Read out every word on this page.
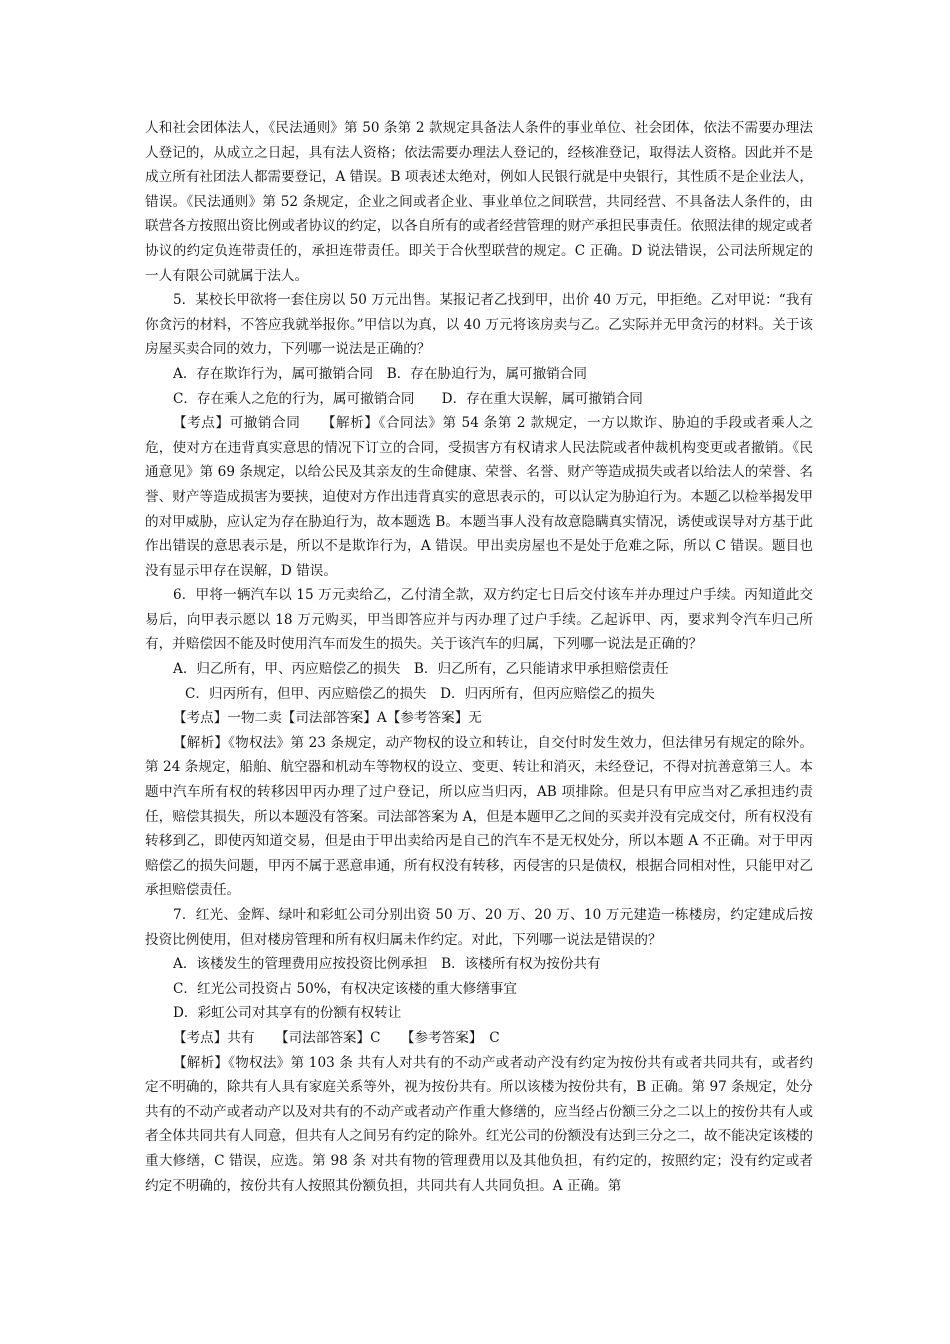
人和社会团体法人，《民法通则》第 50 条第 2 款规定具备法人条件的事业单位、社会团体，依法不需要办理法人登记的，从成立之日起，具有法人资格；依法需要办理法人登记的，经核准登记，取得法人资格。因此并不是成立所有社团法人都需要登记，A 错误。B 项表述太绝对，例如人民银行就是中央银行，其性质不是企业法人，错误。《民法通则》第 52 条规定，企业之间或者企业、事业单位之间联营，共同经营、不具备法人条件的，由联营各方按照出资比例或者协议的约定，以各自所有的或者经营管理的财产承担民事责任。依照法律的规定或者协议的约定负连带责任的，承担连带责任。即关于合伙型联营的规定。C 正确。D 说法错误，公司法所规定的一人有限公司就属于法人。

5．某校长甲欲将一套住房以 50 万元出售。某报记者乙找到甲，出价 40 万元，甲拒绝。乙对甲说：“我有你贪污的材料，不答应我就举报你。”甲信以为真，以 40 万元将该房卖与乙。乙实际并无甲贪污的材料。关于该房屋买卖合同的效力，下列哪一说法是正确的？

A．存在欺诈行为，属可撤销合同　B．存在胁迫行为，属可撤销合同

C．存在乘人之危的行为，属可撤销合同　　D．存在重大误解，属可撤销合同

【考点】可撤销合同　　【解析】《合同法》第 54 条第 2 款规定，一方以欺诈、胁迫的手段或者乘人之危，使对方在违背真实意思的情况下订立的合同，受损害方有权请求人民法院或者仲裁机构变更或者撤销。《民通意见》第 69 条规定，以给公民及其亲友的生命健康、荣誉、名誉、财产等造成损失或者以给法人的荣誉、名誉、财产等造成损害为要挟，迫使对方作出违背真实的意思表示的，可以认定为胁迫行为。本题乙以检举揭发甲的对甲威胁，应认定为存在胁迫行为，故本题选 B。本题当事人没有故意隐瞒真实情况，诱使或误导对方基于此作出错误的意思表示是，所以不是欺诈行为，A 错误。甲出卖房屋也不是处于危难之际，所以 C 错误。题目也没有显示甲存在误解，D 错误。

6．甲将一辆汽车以 15 万元卖给乙，乙付清全款，双方约定七日后交付该车并办理过户手续。丙知道此交易后，向甲表示愿以 18 万元购买，甲当即答应并与丙办理了过户手续。乙起诉甲、丙，要求判令汽车归己所有，并赔偿因不能及时使用汽车而发生的损失。关于该汽车的归属，下列哪一说法是正确的？

A．归乙所有，甲、丙应赔偿乙的损失　B．归乙所有，乙只能请求甲承担赔偿责任

C．归丙所有，但甲、丙应赔偿乙的损失　D．归丙所有，但丙应赔偿乙的损失

【考点】一物二卖【司法部答案】A【参考答案】无

【解析】《物权法》第 23 条规定，动产物权的设立和转让，自交付时发生效力，但法律另有规定的除外。第 24 条规定，船舶、航空器和机动车等物权的设立、变更、转让和消灭，未经登记，不得对抗善意第三人。本题中汽车所有权的转移因甲丙办理了过户登记，所以应当归丙，AB 项排除。但是只有甲应当对乙承担违约责任，赔偿其损失，所以本题没有答案。司法部答案为 A，但是本题甲乙之间的买卖并没有完成交付，所有权没有转移到乙，即使丙知道交易，但是由于甲出卖给丙是自己的汽车不是无权处分，所以本题 A 不正确。对于甲丙赔偿乙的损失问题，甲丙不属于恶意串通，所有权没有转移，丙侵害的只是债权，根据合同相对性，只能甲对乙承担赔偿责任。

7．红光、金辉、绿叶和彩虹公司分别出资 50 万、20 万、20 万、10 万元建造一栋楼房，约定建成后按投资比例使用，但对楼房管理和所有权归属未作约定。对此，下列哪一说法是错误的？

A．该楼发生的管理费用应按投资比例承担　B．该楼所有权为按份共有

C．红光公司投资占 50%，有权决定该楼的重大修缮事宜

D．彩虹公司对其享有的份额有权转让

【考点】共有　　【司法部答案】C　　【参考答案】　C

【解析】《物权法》第 103 条 共有人对共有的不动产或者动产没有约定为按份共有或者共同共有，或者约定不明确的，除共有人具有家庭关系等外，视为按份共有。所以该楼为按份共有，B 正确。第 97 条规定，处分共有的不动产或者动产以及对共有的不动产或者动产作重大修缮的，应当经占份额三分之二以上的按份共有人或者全体共同共有人同意，但共有人之间另有约定的除外。红光公司的份额没有达到三分之二，故不能决定该楼的重大修缮，C 错误，应选。第 98 条 对共有物的管理费用以及其他负担，有约定的，按照约定；没有约定或者约定不明确的，按份共有人按照其份额负担，共同共有人共同负担。A 正确。第
